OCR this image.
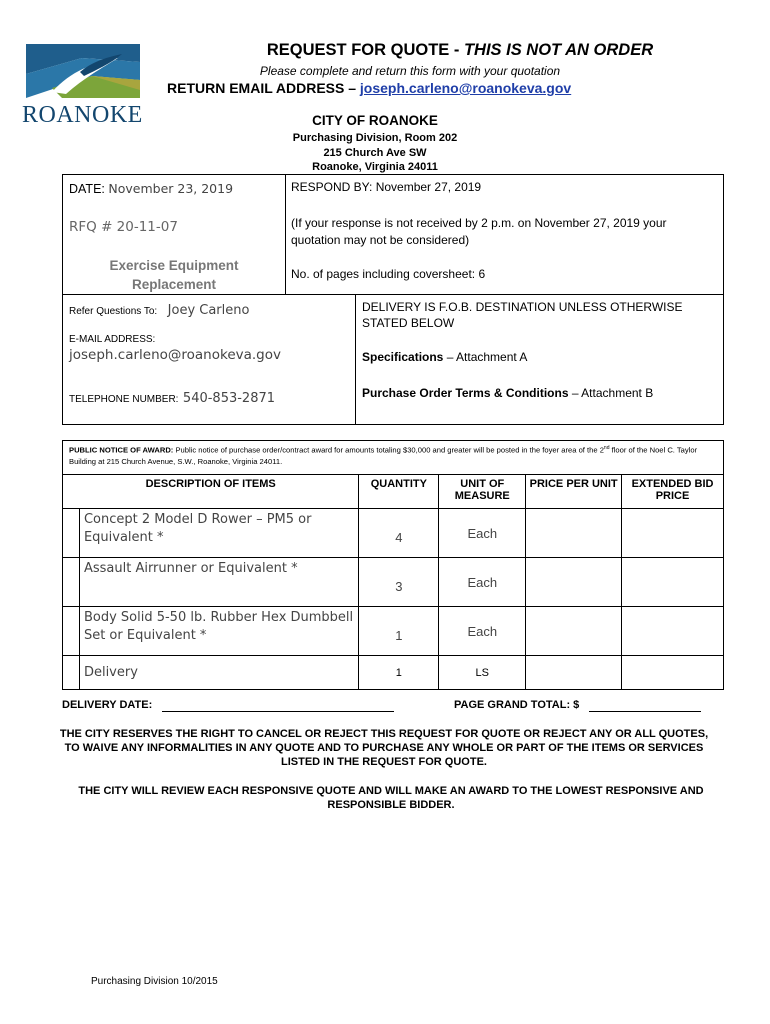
ROANOKE
REQUEST FOR QUOTE - THIS IS NOT AN ORDER
Please complete and return this form with your quotation
RETURN EMAIL ADDRESS – joseph.carleno@roanokeva.gov
CITY OF ROANOKE
Purchasing Division, Room 202
215 Church Ave SW
Roanoke, Virginia 24011
DATE: November 23, 2019
RFQ # 20-11-07
Exercise Equipment
Replacement
RESPOND BY: November 27, 2019
(If your response is not received by 2 p.m. on November 27, 2019 your quotation may not be considered)
No. of pages including coversheet: 6
Refer Questions To: Joey Carleno
E-MAIL ADDRESS:
joseph.carleno@roanokeva.gov
TELEPHONE NUMBER: 540-853-2871
DELIVERY IS F.O.B. DESTINATION UNLESS OTHERWISE STATED BELOW
Specifications – Attachment A
Purchase Order Terms & Conditions – Attachment B
PUBLIC NOTICE OF AWARD: Public notice of purchase order/contract award for amounts totaling $30,000 and greater will be posted in the foyer area of the 2nd floor of the Noel C. Taylor Building at 215 Church Avenue, S.W., Roanoke, Virginia 24011.
DESCRIPTION OF ITEMS		QUANTITY	UNIT OF MEASURE	PRICE PER UNIT	EXTENDED BID PRICE
	Concept 2 Model D Rower – PM5 or Equivalent *	4	Each		
	Assault Airrunner or Equivalent *	3	Each		
	Body Solid 5-50 lb. Rubber Hex Dumbbell Set or Equivalent *	1	Each		
	Delivery	1	LS		
DELIVERY DATE:	PAGE GRAND TOTAL: $
THE CITY RESERVES THE RIGHT TO CANCEL OR REJECT THIS REQUEST FOR QUOTE OR REJECT ANY OR ALL QUOTES, TO WAIVE ANY INFORMALITIES IN ANY QUOTE AND TO PURCHASE ANY WHOLE OR PART OF THE ITEMS OR SERVICES LISTED IN THE REQUEST FOR QUOTE.
THE CITY WILL REVIEW EACH RESPONSIVE QUOTE AND WILL MAKE AN AWARD TO THE LOWEST RESPONSIVE AND RESPONSIBLE BIDDER.
Purchasing Division 10/2015
